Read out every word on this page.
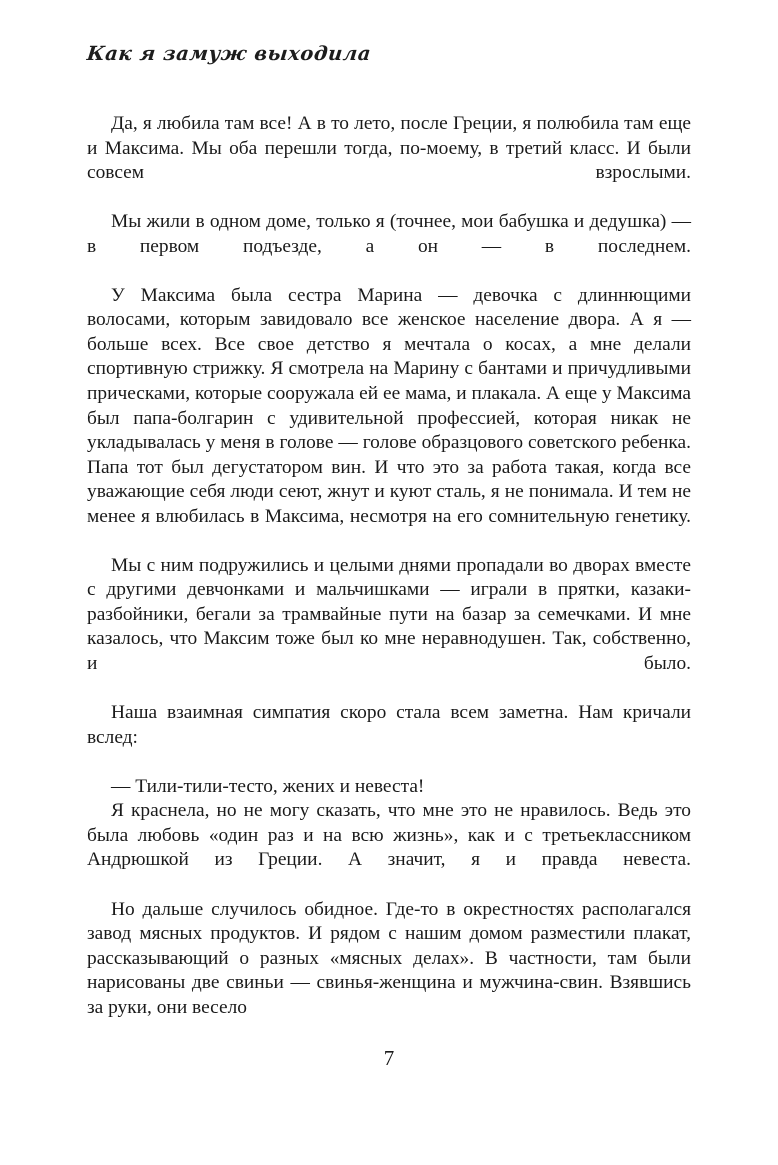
Как я замуж выходила

Да, я любила там все! А в то лето, после Греции, я полюбила там еще и Максима. Мы оба перешли тогда, по-моему, в третий класс. И были совсем взрослыми.

Мы жили в одном доме, только я (точнее, мои бабушка и дедушка) — в первом подъезде, а он — в последнем.

У Максима была сестра Марина — девочка с длиннющими волосами, которым завидовало все женское население двора. А я — больше всех. Все свое детство я мечтала о косах, а мне делали спортивную стрижку. Я смотрела на Марину с бантами и причудливыми прическами, которые сооружала ей ее мама, и плакала. А еще у Максима был папа-болгарин с удивительной профессией, которая никак не укладывалась у меня в голове — голове образцового советского ребенка. Папа тот был дегустатором вин. И что это за работа такая, когда все уважающие себя люди сеют, жнут и куют сталь, я не понимала. И тем не менее я влюбилась в Максима, несмотря на его сомнительную генетику.

Мы с ним подружились и целыми днями пропадали во дворах вместе с другими девчонками и мальчишками — играли в прятки, казаки-разбойники, бегали за трамвайные пути на базар за семечками. И мне казалось, что Максим тоже был ко мне неравнодушен. Так, собственно, и было.

Наша взаимная симпатия скоро стала всем заметна. Нам кричали вслед:

— Тили-тили-тесто, жених и невеста!

Я краснела, но не могу сказать, что мне это не нравилось. Ведь это была любовь «один раз и на всю жизнь», как и с третьеклассником Андрюшкой из Греции. А значит, я и правда невеста.

Но дальше случилось обидное. Где-то в окрестностях располагался завод мясных продуктов. И рядом с нашим домом разместили плакат, рассказывающий о разных «мясных делах». В частности, там были нарисованы две свиньи — свинья-женщина и мужчина-свин. Взявшись за руки, они весело

7
